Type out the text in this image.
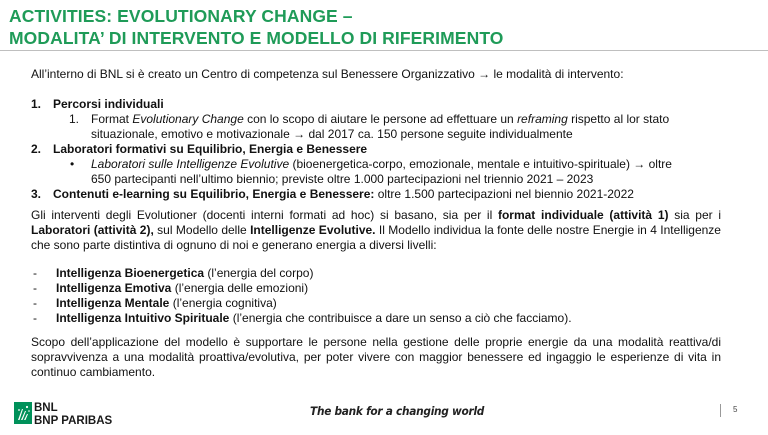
ACTIVITIES: EVOLUTIONARY CHANGE –
MODALITA’ DI INTERVENTO E MODELLO DI RIFERIMENTO
All’interno di BNL si è creato un Centro di competenza sul Benessere Organizzativo → le modalità di intervento:
1. Percorsi individuali
1. Format Evolutionary Change con lo scopo di aiutare le persone ad effettuare un reframing rispetto al lor stato
situazionale, emotivo e motivazionale → dal 2017 ca. 150 persone seguite individualmente
2. Laboratori formativi su Equilibrio, Energia e Benessere
• Laboratori sulle Intelligenze Evolutive (bioenergetica-corpo, emozionale, mentale e intuitivo-spirituale) → oltre
650 partecipanti nell’ultimo biennio; previste oltre 1.000 partecipazioni nel triennio 2021 – 2023
3. Contenuti e-learning su Equilibrio, Energia e Benessere: oltre 1.500 partecipazioni nel biennio 2021-2022
Gli interventi degli Evolutioner (docenti interni formati ad hoc) si basano, sia per il format individuale (attività 1) sia per i Laboratori (attività 2), sul Modello delle Intelligenze Evolutive. Il Modello individua la fonte delle nostre Energie in 4 Intelligenze che sono parte distintiva di ognuno di noi e generano energia a diversi livelli:
- Intelligenza Bioenergetica (l’energia del corpo)
- Intelligenza Emotiva (l’energia delle emozioni)
- Intelligenza Mentale (l’energia cognitiva)
- Intelligenza Intuitivo Spirituale (l’energia che contribuisce a dare un senso a ciò che facciamo).
Scopo dell’applicazione del modello è supportare le persone nella gestione delle proprie energie da una modalità reattiva/di sopravvivenza a una modalità proattiva/evolutiva, per poter vivere con maggior benessere ed ingaggio le esperienze di vita in continuo cambiamento.
BNL
BNP PARIBAS
The bank for a changing world	5
